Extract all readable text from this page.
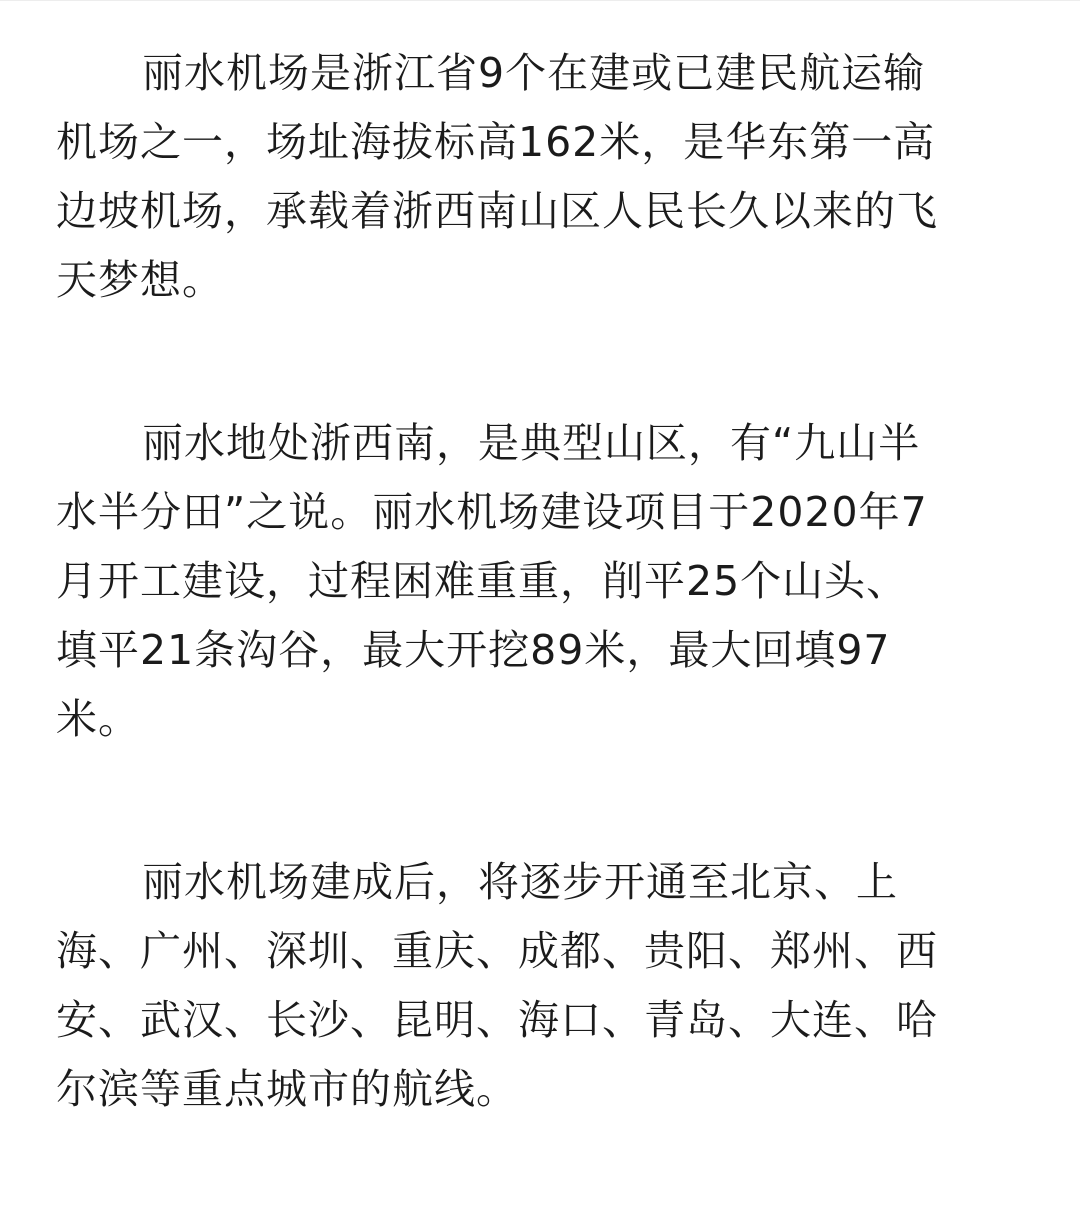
丽水机场是浙江省9个在建或已建民航运输
机场之一，场址海拔标高162米，是华东第一高
边坡机场，承载着浙西南山区人民长久以来的飞
天梦想。
丽水地处浙西南，是典型山区，有“九山半
水半分田”之说。丽水机场建设项目于2020年7
月开工建设，过程困难重重，削平25个山头、
填平21条沟谷，最大开挖89米，最大回填97
米。
丽水机场建成后，将逐步开通至北京、上
海、广州、深圳、重庆、成都、贵阳、郑州、西
安、武汉、长沙、昆明、海口、青岛、大连、哈
尔滨等重点城市的航线。
